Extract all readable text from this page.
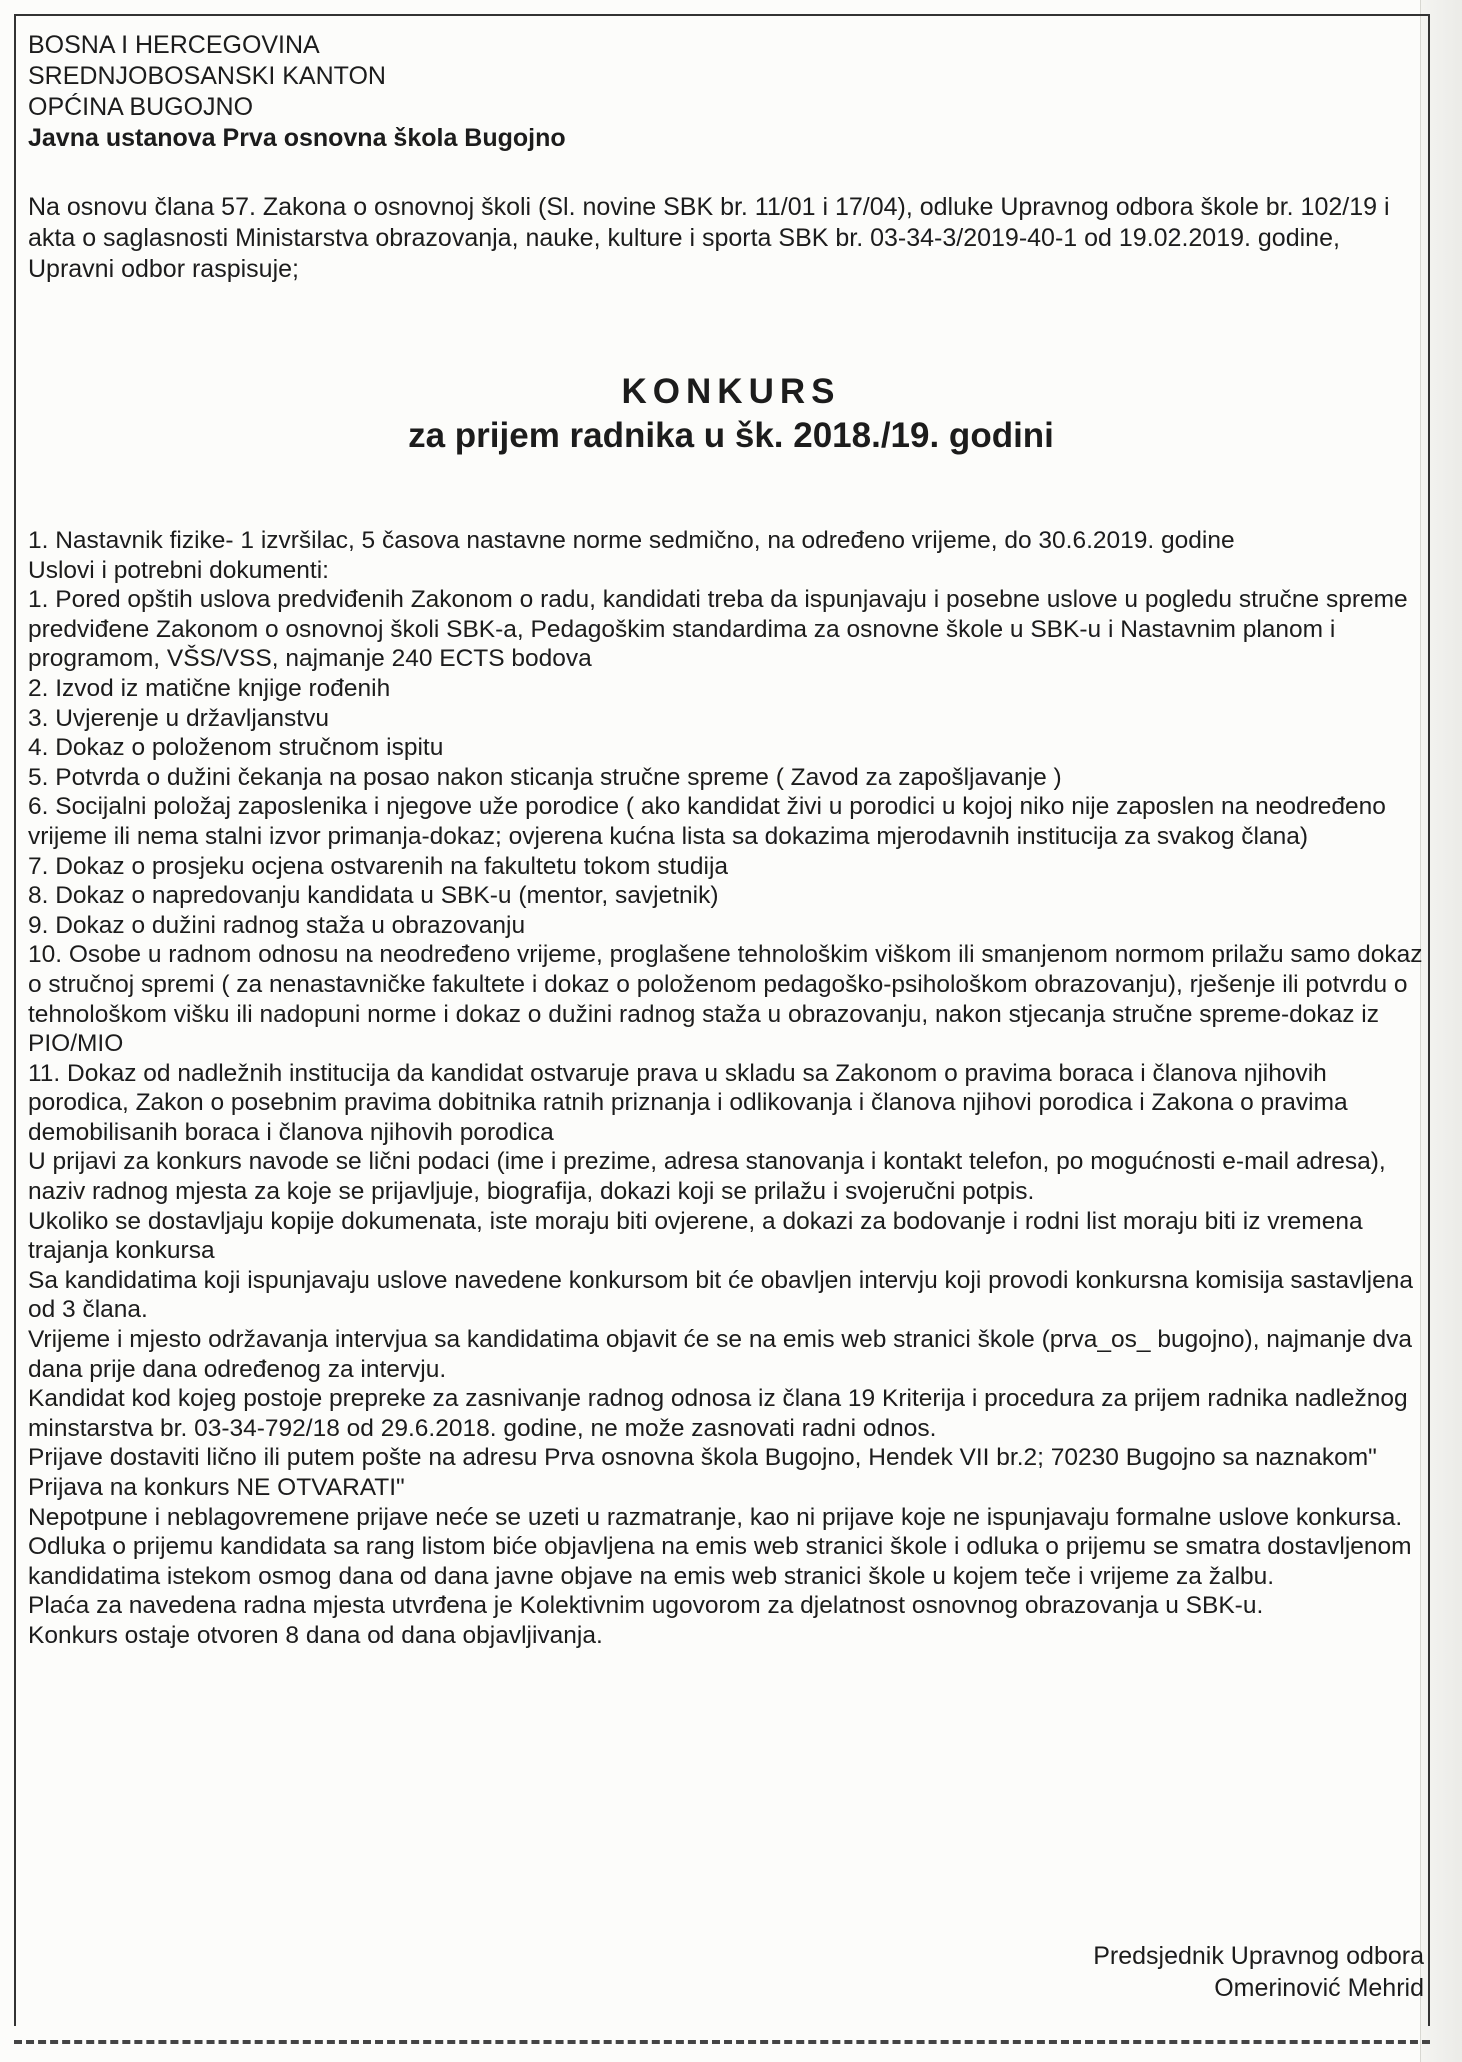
BOSNA I HERCEGOVINA
SREDNJOBOSANSKI KANTON
OPĆINA BUGOJNO
Javna ustanova Prva osnovna škola Bugojno
Na osnovu člana 57. Zakona o osnovnoj školi (Sl. novine SBK br. 11/01 i 17/04), odluke Upravnog odbora škole br. 102/19 i akta o saglasnosti Ministarstva obrazovanja, nauke, kulture i sporta SBK br. 03-34-3/2019-40-1 od 19.02.2019. godine, Upravni odbor raspisuje;
KONKURS
za prijem radnika u šk. 2018./19. godini

1. Nastavnik fizike- 1 izvršilac, 5 časova nastavne norme sedmično, na određeno vrijeme, do 30.6.2019. godine

Uslovi i potrebni dokumenti:

1. Pored opštih uslova predviđenih Zakonom o radu, kandidati treba da ispunjavaju i posebne uslove u pogledu stručne spreme predviđene Zakonom o osnovnoj školi SBK-a, Pedagoškim standardima za osnovne škole u SBK-u i Nastavnim planom i programom, VŠS/VSS, najmanje 240 ECTS bodova

2. Izvod iz matične knjige rođenih

3. Uvjerenje u državljanstvu

4. Dokaz o položenom stručnom ispitu

5. Potvrda o dužini čekanja na posao nakon sticanja stručne spreme ( Zavod za zapošljavanje )

6. Socijalni položaj zaposlenika i njegove uže porodice ( ako kandidat živi u porodici u kojoj niko nije zaposlen na neodređeno vrijeme ili nema stalni izvor primanja-dokaz; ovjerena kućna lista sa dokazima mjerodavnih institucija za svakog člana)

7. Dokaz o prosjeku ocjena ostvarenih na fakultetu tokom studija

8. Dokaz o napredovanju kandidata u SBK-u (mentor, savjetnik)

9. Dokaz o dužini radnog staža u obrazovanju

10. Osobe u radnom odnosu na neodređeno vrijeme, proglašene tehnološkim viškom ili smanjenom normom prilažu samo dokaz o stručnoj spremi ( za nenastavničke fakultete i dokaz o položenom pedagoško-psihološkom obrazovanju), rješenje ili potvrdu o tehnološkom višku ili nadopuni norme i dokaz o dužini radnog staža u obrazovanju, nakon stjecanja stručne spreme-dokaz iz PIO/MIO

11. Dokaz od nadležnih institucija da kandidat ostvaruje prava u skladu sa Zakonom o pravima boraca i članova njihovih porodica, Zakon o posebnim pravima dobitnika ratnih priznanja i odlikovanja i članova njihovi porodica i Zakona o pravima demobilisanih boraca i članova njihovih porodica

U prijavi za konkurs navode se lični podaci (ime i prezime, adresa stanovanja i kontakt telefon, po mogućnosti e-mail adresa), naziv radnog mjesta za koje se prijavljuje, biografija, dokazi koji se prilažu i svojeručni potpis.

Ukoliko se dostavljaju kopije dokumenata, iste moraju biti ovjerene, a dokazi za bodovanje i rodni list moraju biti iz vremena trajanja konkursa

Sa kandidatima koji ispunjavaju uslove navedene konkursom bit će obavljen intervju koji provodi konkursna komisija sastavljena od 3 člana.

Vrijeme i mjesto održavanja intervjua sa kandidatima objavit će se na emis web stranici škole (prva_os_ bugojno), najmanje dva dana prije dana određenog za intervju.

Kandidat kod kojeg postoje prepreke za zasnivanje radnog odnosa iz člana 19 Kriterija i procedura za prijem radnika nadležnog minstarstva br. 03-34-792/18 od 29.6.2018. godine, ne može zasnovati radni odnos.

Prijave dostaviti lično ili putem pošte na adresu Prva osnovna škola Bugojno, Hendek VII br.2; 70230 Bugojno sa naznakom" Prijava na konkurs NE OTVARATI"

Nepotpune i neblagovremene prijave neće se uzeti u razmatranje, kao ni prijave koje ne ispunjavaju formalne uslove konkursa.

Odluka o prijemu kandidata sa rang listom biće objavljena na emis web stranici škole i odluka o prijemu se smatra dostavljenom kandidatima istekom osmog dana od dana javne objave na emis web stranici škole u kojem teče i vrijeme za žalbu.

Plaća za navedena radna mjesta utvrđena je Kolektivnim ugovorom za djelatnost osnovnog obrazovanja u SBK-u.

Konkurs ostaje otvoren 8 dana od dana objavljivanja.

Predsjednik Upravnog odbora
Omerinović Mehrid
